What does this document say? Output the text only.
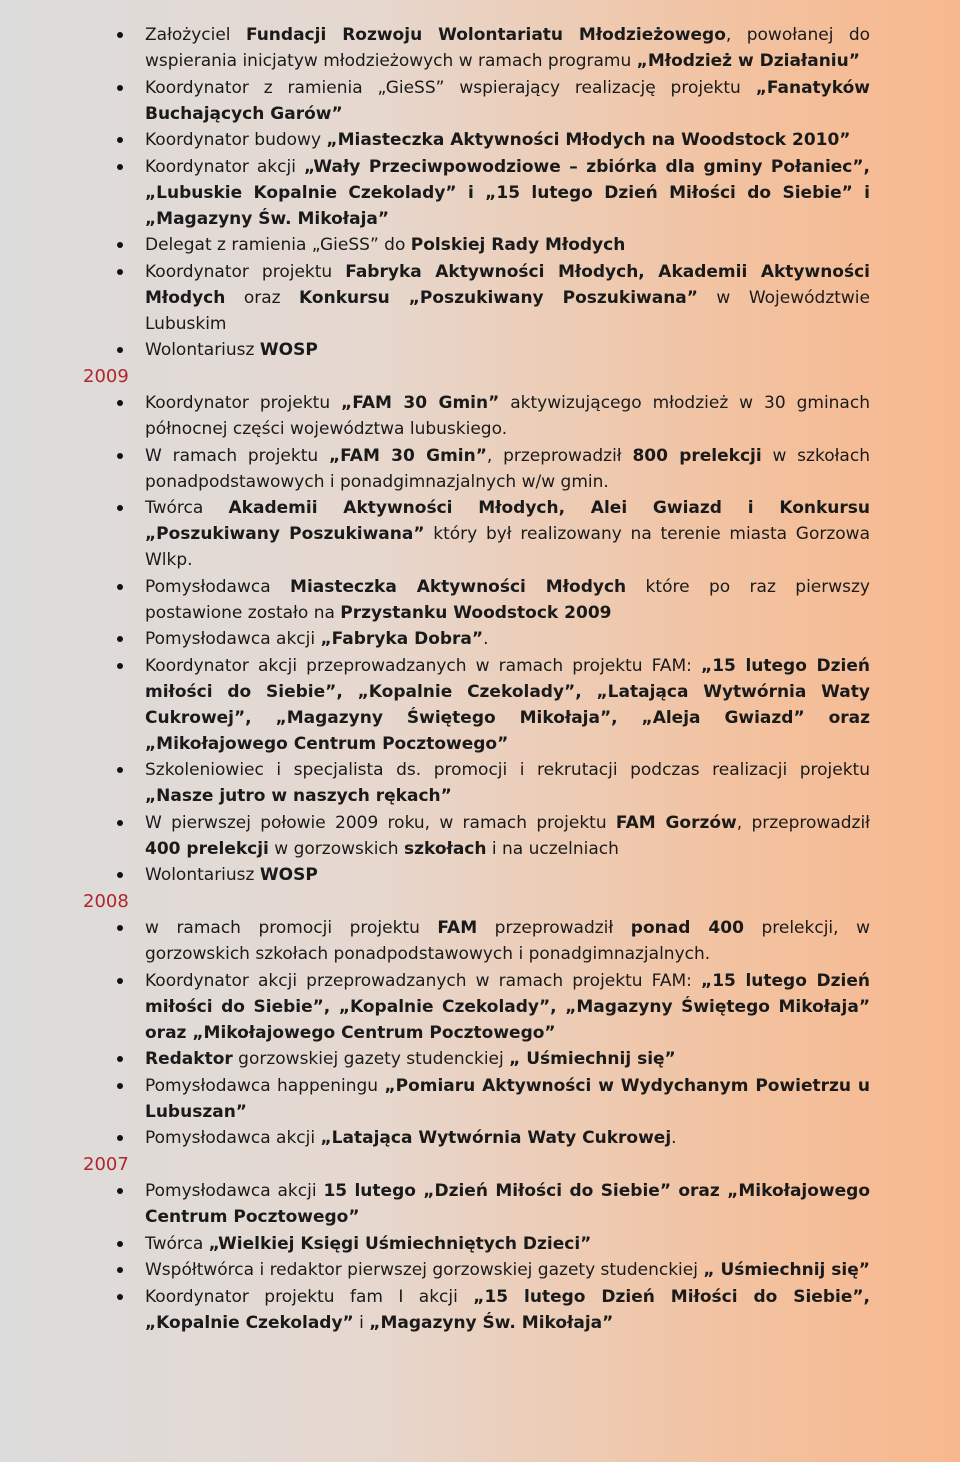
Założyciel Fundacji Rozwoju Wolontariatu Młodzieżowego, powołanej do wspierania inicjatyw młodzieżowych w ramach programu „Młodzież w Działaniu”
Koordynator z ramienia „GieSS” wspierający realizację projektu „Fanatyków Buchających Garów”
Koordynator budowy „Miasteczka Aktywności Młodych na Woodstock 2010”
Koordynator akcji „Wały Przeciwpowodziowe – zbiórka dla gminy Połaniec”, „Lubuskie Kopalnie Czekolady” i „15 lutego Dzień Miłości do Siebie” i „Magazyny Św. Mikołaja”
Delegat z ramienia „GieSS” do Polskiej Rady Młodych
Koordynator projektu Fabryka Aktywności Młodych, Akademii Aktywności Młodych oraz Konkursu „Poszukiwany Poszukiwana” w Województwie Lubuskim
Wolontariusz WOSP
2009
Koordynator projektu „FAM 30 Gmin” aktywizującego młodzież w 30 gminach północnej części województwa lubuskiego.
W ramach projektu „FAM 30 Gmin”, przeprowadził 800 prelekcji w szkołach ponadpodstawowych i ponadgimnazjalnych w/w gmin.
Twórca Akademii Aktywności Młodych, Alei Gwiazd i Konkursu „Poszukiwany Poszukiwana” który był realizowany na terenie miasta Gorzowa Wlkp.
Pomysłodawca Miasteczka Aktywności Młodych które po raz pierwszy postawione zostało na Przystanku Woodstock 2009
Pomysłodawca akcji „Fabryka Dobra”.
Koordynator akcji przeprowadzanych w ramach projektu FAM: „15 lutego Dzień miłości do Siebie”, „Kopalnie Czekolady”, „Latająca Wytwórnia Waty Cukrowej”, „Magazyny Świętego Mikołaja”, „Aleja Gwiazd” oraz „Mikołajowego Centrum Pocztowego”
Szkoleniowiec i specjalista ds. promocji i rekrutacji podczas realizacji projektu „Nasze jutro w naszych rękach”
W pierwszej połowie 2009 roku, w ramach projektu FAM Gorzów, przeprowadził 400 prelekcji w gorzowskich szkołach i na uczelniach
Wolontariusz WOSP
2008
w ramach promocji projektu FAM przeprowadził ponad 400 prelekcji, w gorzowskich szkołach ponadpodstawowych i ponadgimnazjalnych.
Koordynator akcji przeprowadzanych w ramach projektu FAM: „15 lutego Dzień miłości do Siebie”, „Kopalnie Czekolady”, „Magazyny Świętego Mikołaja” oraz „Mikołajowego Centrum Pocztowego”
Redaktor gorzowskiej gazety studenckiej „ Uśmiechnij się”
Pomysłodawca happeningu „Pomiaru Aktywności w Wydychanym Powietrzu u Lubuszan”
Pomysłodawca akcji „Latająca Wytwórnia Waty Cukrowej.
2007
Pomysłodawca akcji 15 lutego „Dzień Miłości do Siebie” oraz „Mikołajowego Centrum Pocztowego”
Twórca „Wielkiej Księgi Uśmiechniętych Dzieci”
Współtwórca i redaktor pierwszej gorzowskiej gazety studenckiej „ Uśmiechnij się”
Koordynator projektu fam I akcji „15 lutego Dzień Miłości do Siebie”, „Kopalnie Czekolady” i „Magazyny Św. Mikołaja”
